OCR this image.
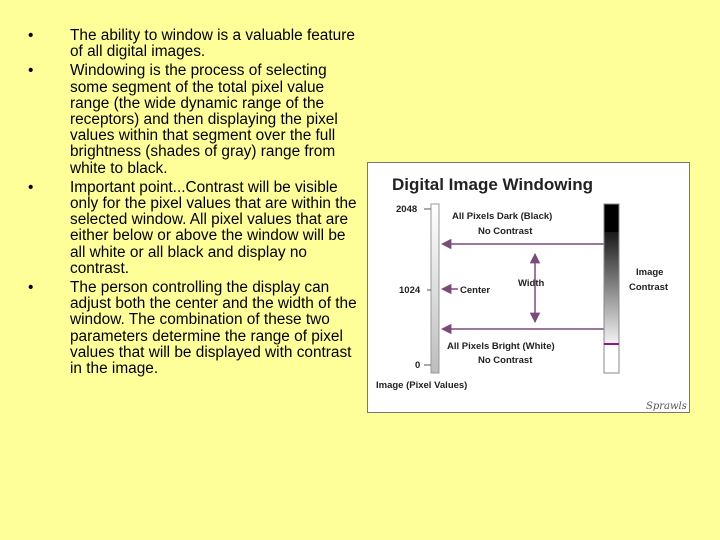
•	The ability to window is a valuable feature of all digital images.
•	Windowing is the process of selecting some segment of the total pixel value range (the wide dynamic range of the receptors) and then displaying the pixel values within that segment over the full brightness (shades of gray) range from white to black.
•	Important point...Contrast will be visible only for the pixel values that are within the selected window. All pixel values that are either below or above the window will be all white or all black and display no contrast.
•	The person controlling the display can adjust both the center and the width of the window. The combination of these two parameters determine the range of pixel values that will be displayed with contrast in the image.
Digital Image Windowing
2048
1024
0
All Pixels Dark (Black)
No Contrast
Center
Width
All Pixels Bright (White)
No Contrast
Image
Contrast
Image (Pixel Values)
Sprawls
